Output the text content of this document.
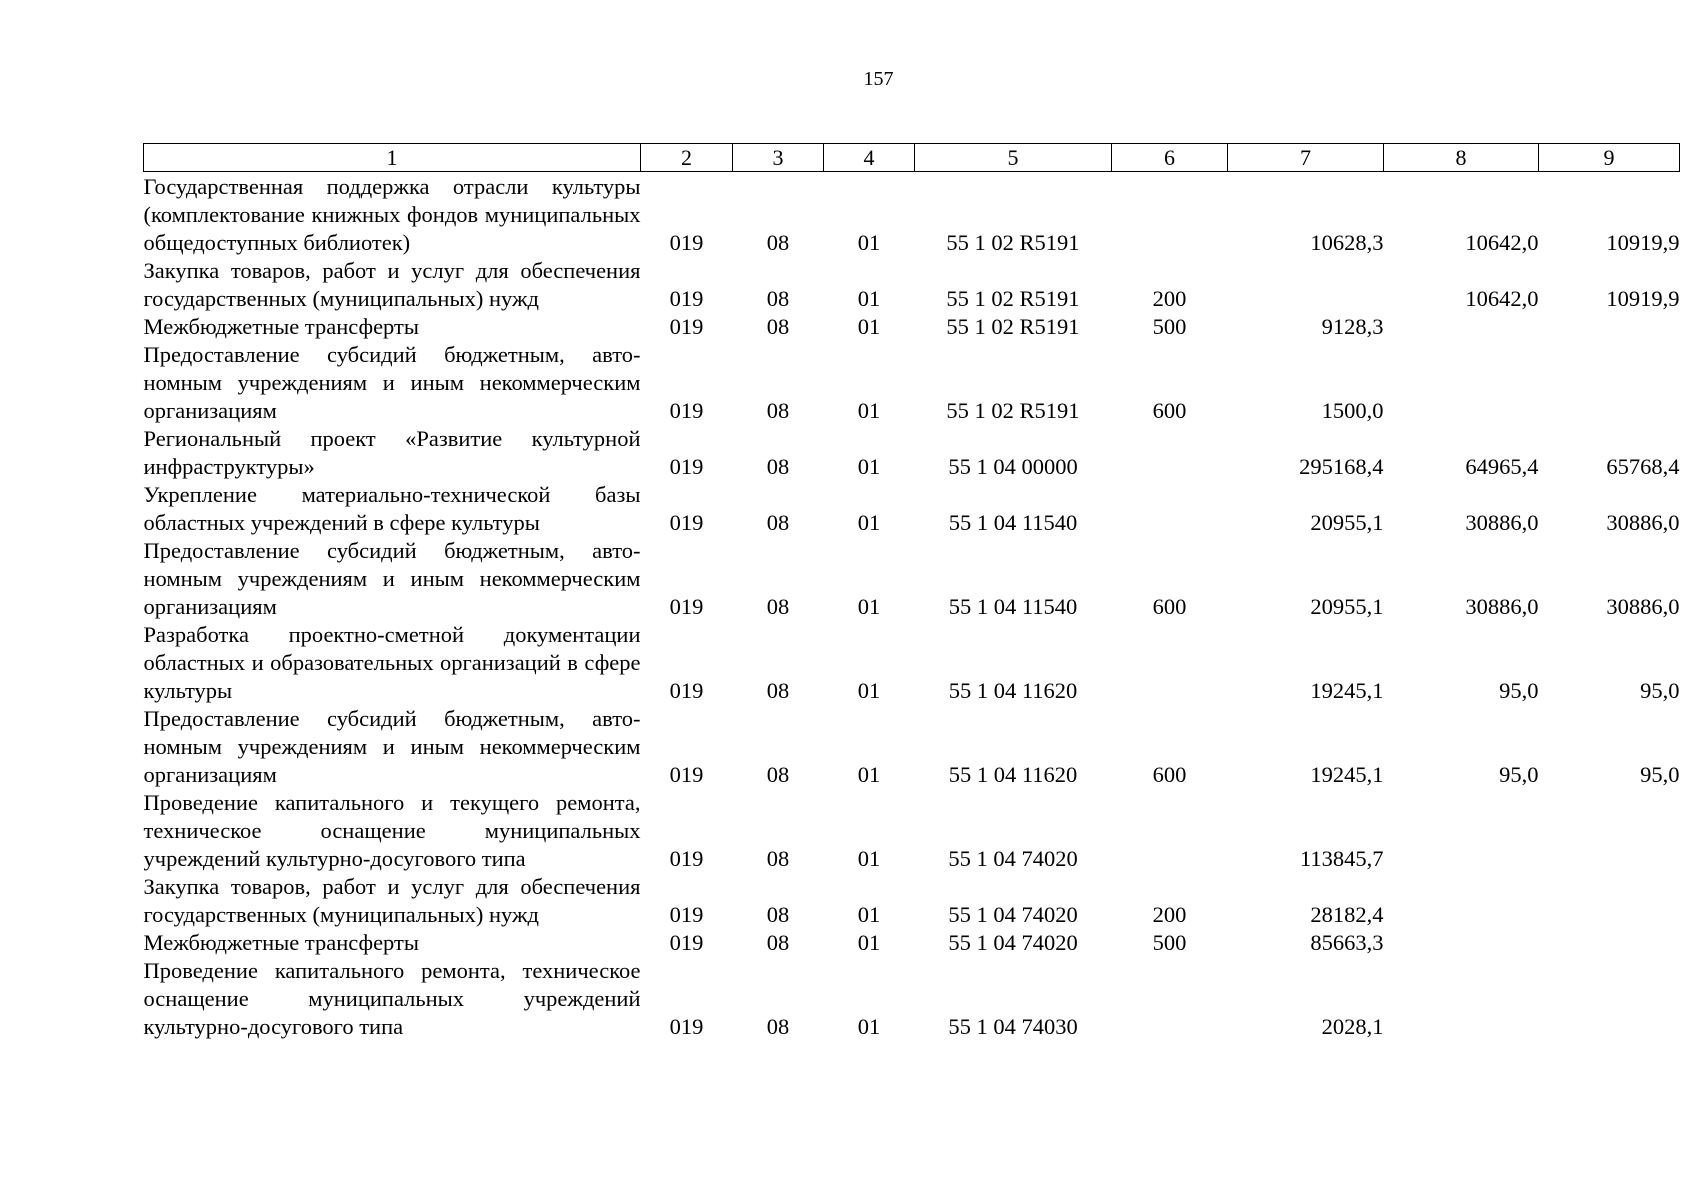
157
1	2	3	4	5	6	7	8	9
Государственная поддержка отрасли культуры (комплектование книжных фондов муниципальных общедоступных библиотек)	019	08	01	55 1 02 R5191		10628,3	10642,0	10919,9
Закупка товаров, работ и услуг для обеспечения государственных (муниципальных) нужд	019	08	01	55 1 02 R5191	200		10642,0	10919,9
Межбюджетные трансферты	019	08	01	55 1 02 R5191	500	9128,3		
Предоставление субсидий бюджетным, автономным учреждениям и иным некоммерческим организациям	019	08	01	55 1 02 R5191	600	1500,0		
Региональный проект «Развитие культурной инфраструктуры»	019	08	01	55 1 04 00000		295168,4	64965,4	65768,4
Укрепление материально-технической базы областных учреждений в сфере культуры	019	08	01	55 1 04 11540		20955,1	30886,0	30886,0
Предоставление субсидий бюджетным, автономным учреждениям и иным некоммерческим организациям	019	08	01	55 1 04 11540	600	20955,1	30886,0	30886,0
Разработка проектно-сметной документации областных и образовательных организаций в сфере культуры	019	08	01	55 1 04 11620		19245,1	95,0	95,0
Предоставление субсидий бюджетным, автономным учреждениям и иным некоммерческим организациям	019	08	01	55 1 04 11620	600	19245,1	95,0	95,0
Проведение капитального и текущего ремонта, техническое оснащение муниципальных учреждений культурно-досугового типа	019	08	01	55 1 04 74020		113845,7		
Закупка товаров, работ и услуг для обеспечения государственных (муниципальных) нужд	019	08	01	55 1 04 74020	200	28182,4		
Межбюджетные трансферты	019	08	01	55 1 04 74020	500	85663,3		
Проведение капитального ремонта, техническое оснащение муниципальных учреждений культурно-досугового типа	019	08	01	55 1 04 74030		2028,1		
